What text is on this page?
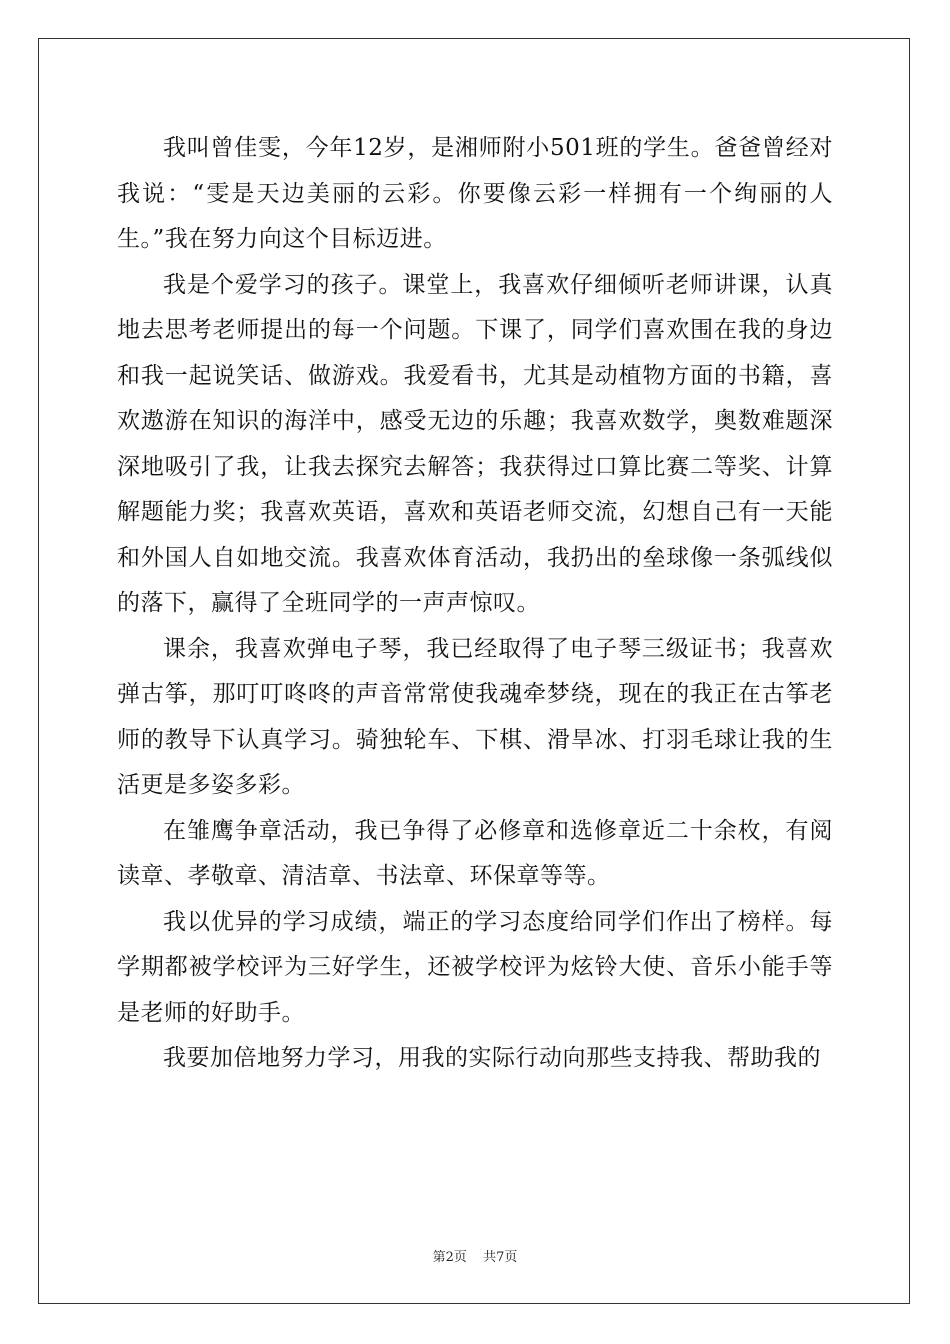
我叫曾佳雯，今年12岁，是湘师附小501班的学生。爸爸曾经对我说：“雯是天边美丽的云彩。你要像云彩一样拥有一个绚丽的人生。”我在努力向这个目标迈进。

我是个爱学习的孩子。课堂上，我喜欢仔细倾听老师讲课，认真地去思考老师提出的每一个问题。下课了，同学们喜欢围在我的身边和我一起说笑话、做游戏。我爱看书，尤其是动植物方面的书籍，喜欢遨游在知识的海洋中，感受无边的乐趣；我喜欢数学，奥数难题深深地吸引了我，让我去探究去解答；我获得过口算比赛二等奖、计算解题能力奖；我喜欢英语，喜欢和英语老师交流，幻想自己有一天能和外国人自如地交流。我喜欢体育活动，我扔出的垒球像一条弧线似的落下，赢得了全班同学的一声声惊叹。

课余，我喜欢弹电子琴，我已经取得了电子琴三级证书；我喜欢弹古筝，那叮叮咚咚的声音常常使我魂牵梦绕，现在的我正在古筝老师的教导下认真学习。骑独轮车、下棋、滑旱冰、打羽毛球让我的生活更是多姿多彩。

在雏鹰争章活动，我已争得了必修章和选修章近二十余枚，有阅读章、孝敬章、清洁章、书法章、环保章等等。

我以优异的学习成绩，端正的学习态度给同学们作出了榜样。每学期都被学校评为三好学生，还被学校评为炫铃大使、音乐小能手等是老师的好助手。

我要加倍地努力学习，用我的实际行动向那些支持我、帮助我的

第2页 共7页
